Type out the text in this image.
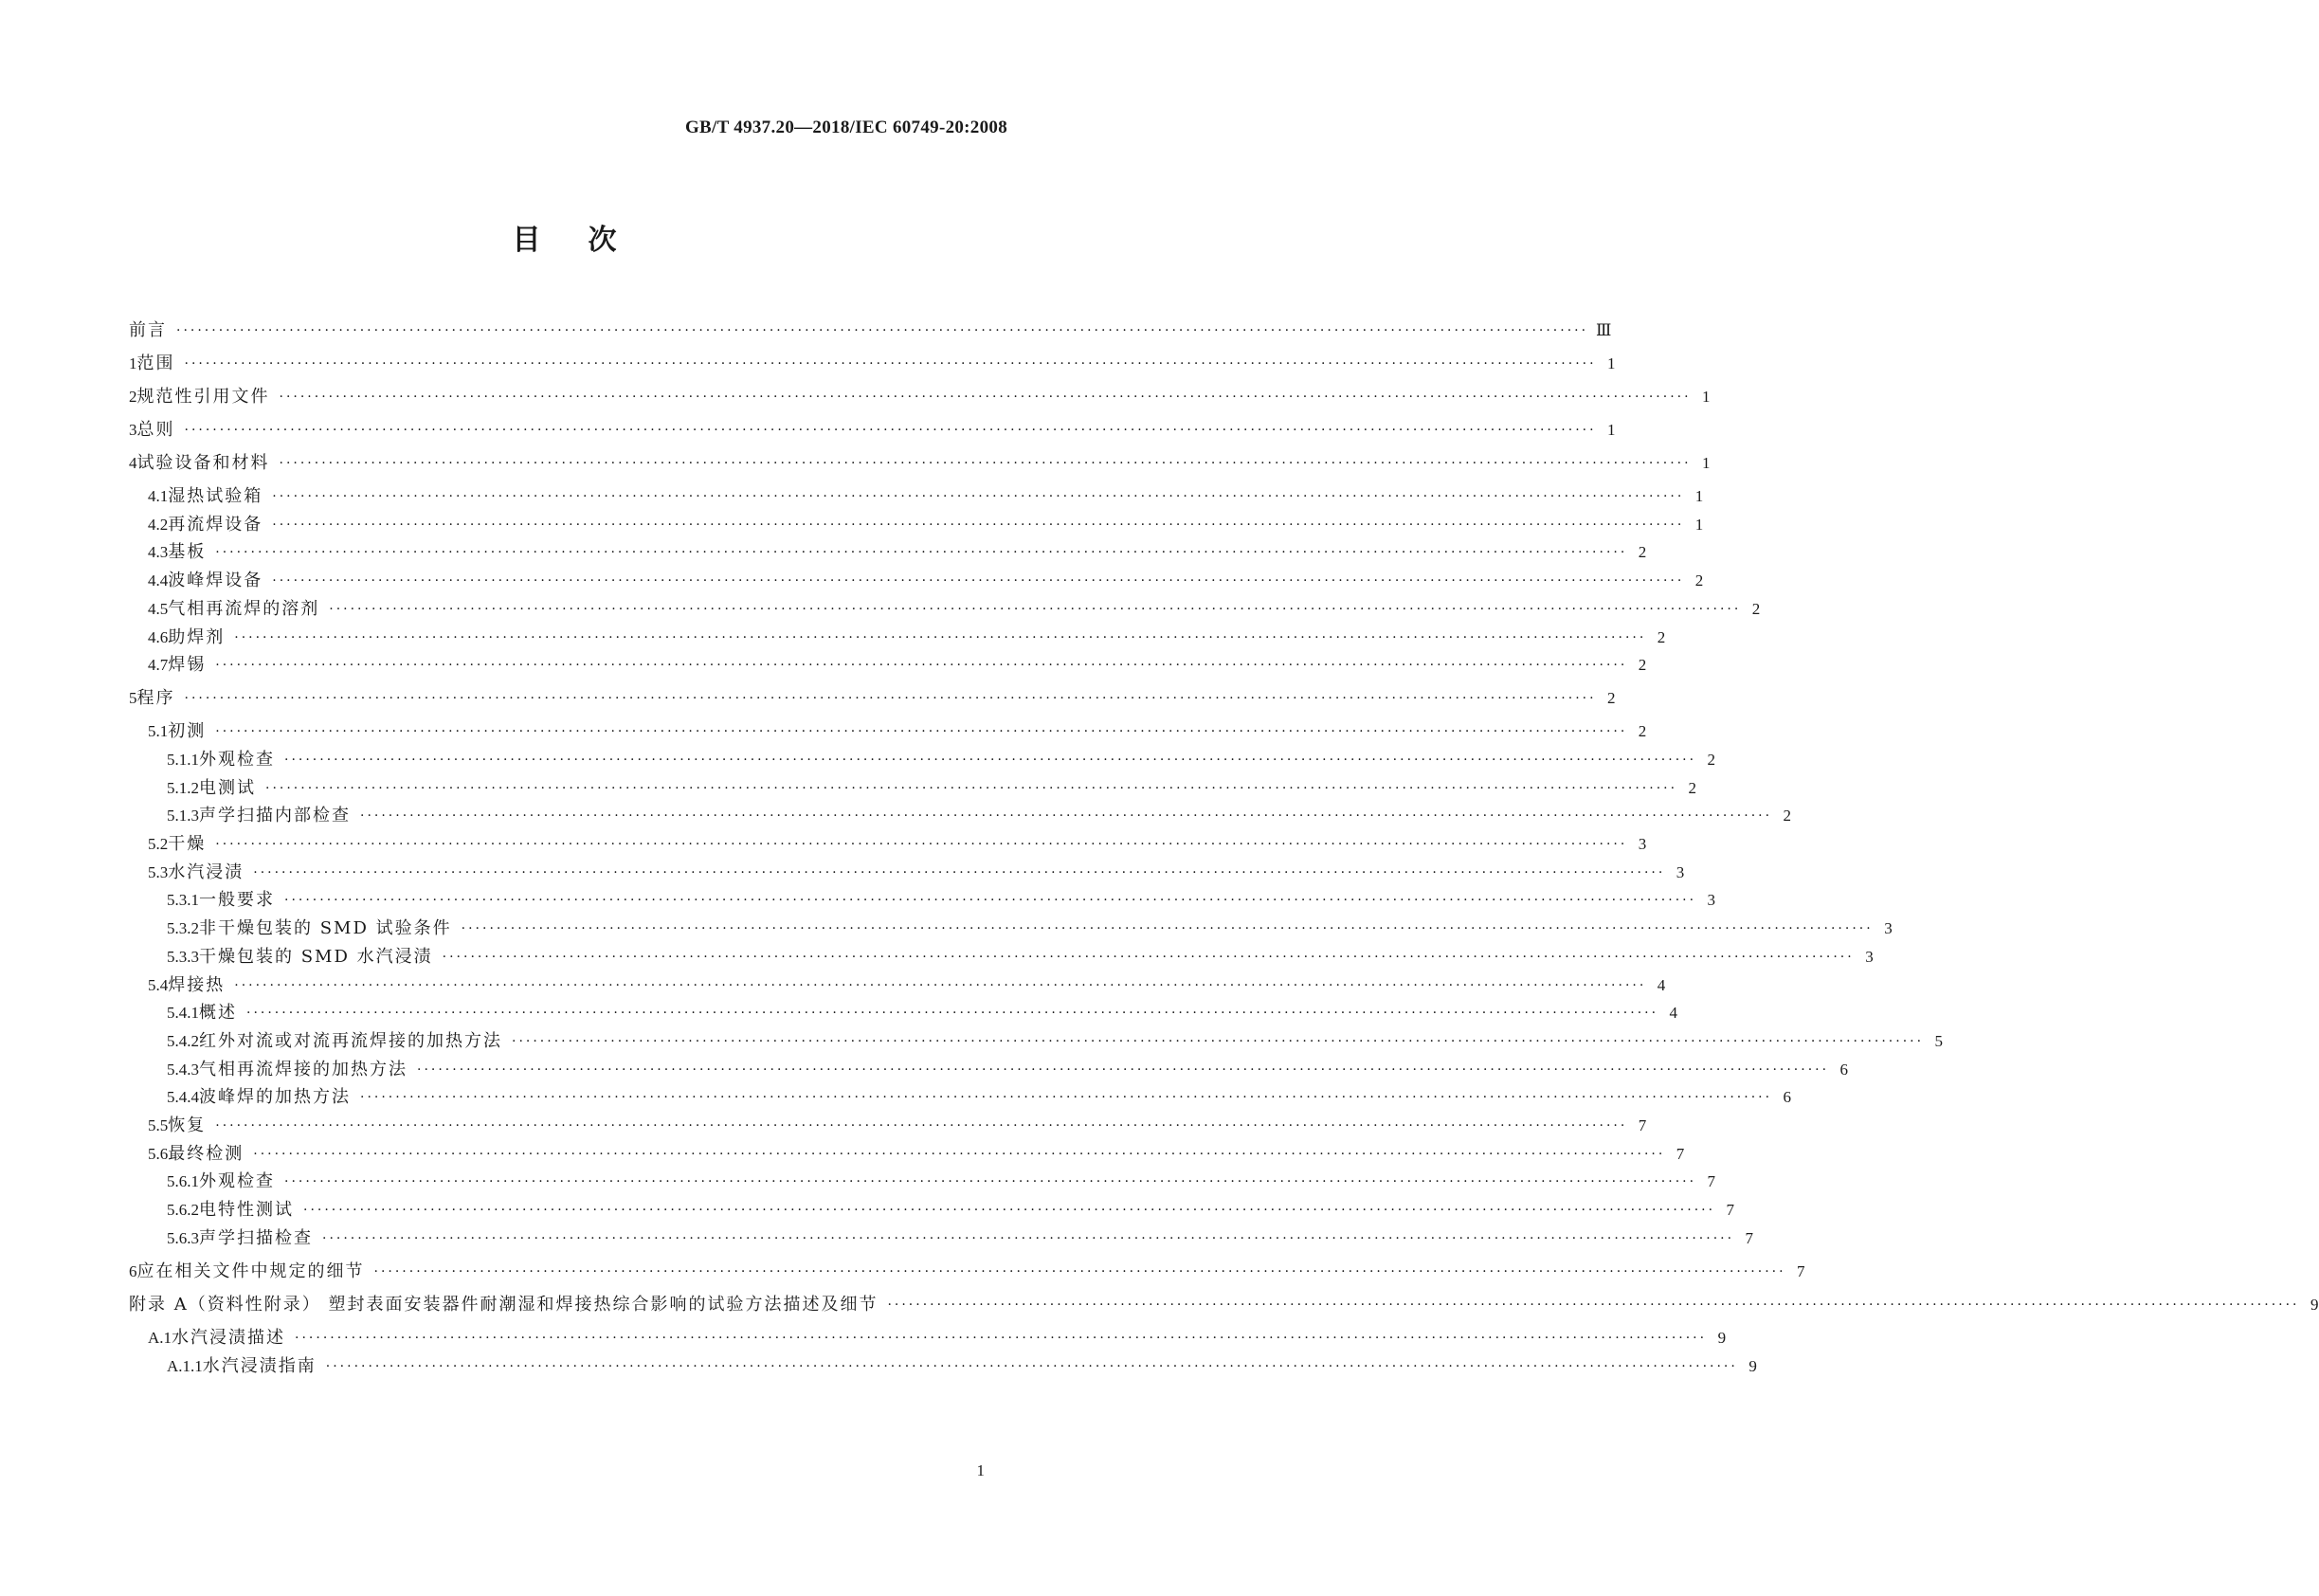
GB/T 4937.20—2018/IEC 60749-20:2008
目次
前言 ········································································································································································································ Ⅲ
1 范围 ········································································································································································································ 1
2 规范性引用文件 ········································································································································································································ 1
3 总则 ········································································································································································································ 1
4 试验设备和材料 ········································································································································································································ 1
4.1 湿热试验箱 ········································································································································································································ 1
4.2 再流焊设备 ········································································································································································································ 1
4.3 基板 ········································································································································································································ 2
4.4 波峰焊设备 ········································································································································································································ 2
4.5 气相再流焊的溶剂 ········································································································································································································ 2
4.6 助焊剂 ········································································································································································································ 2
4.7 焊锡 ········································································································································································································ 2
5 程序 ········································································································································································································ 2
5.1 初测 ········································································································································································································ 2
5.1.1 外观检查 ········································································································································································································ 2
5.1.2 电测试 ········································································································································································································ 2
5.1.3 声学扫描内部检查 ········································································································································································································ 2
5.2 干燥 ········································································································································································································ 3
5.3 水汽浸渍 ········································································································································································································ 3
5.3.1 一般要求 ········································································································································································································ 3
5.3.2 非干燥包装的 SMD 试验条件 ········································································································································································································ 3
5.3.3 干燥包装的 SMD 水汽浸渍 ········································································································································································································ 3
5.4 焊接热 ········································································································································································································ 4
5.4.1 概述 ········································································································································································································ 4
5.4.2 红外对流或对流再流焊接的加热方法 ········································································································································································································ 5
5.4.3 气相再流焊接的加热方法 ········································································································································································································ 6
5.4.4 波峰焊的加热方法 ········································································································································································································ 6
5.5 恢复 ········································································································································································································ 7
5.6 最终检测 ········································································································································································································ 7
5.6.1 外观检查 ········································································································································································································ 7
5.6.2 电特性测试 ········································································································································································································ 7
5.6.3 声学扫描检查 ········································································································································································································ 7
6 应在相关文件中规定的细节 ········································································································································································································ 7
附录 A（资料性附录） 塑封表面安装器件耐潮湿和焊接热综合影响的试验方法描述及细节 ········································································································································································································ 9
A.1 水汽浸渍描述 ········································································································································································································ 9
A.1.1 水汽浸渍指南 ········································································································································································································ 9
1
